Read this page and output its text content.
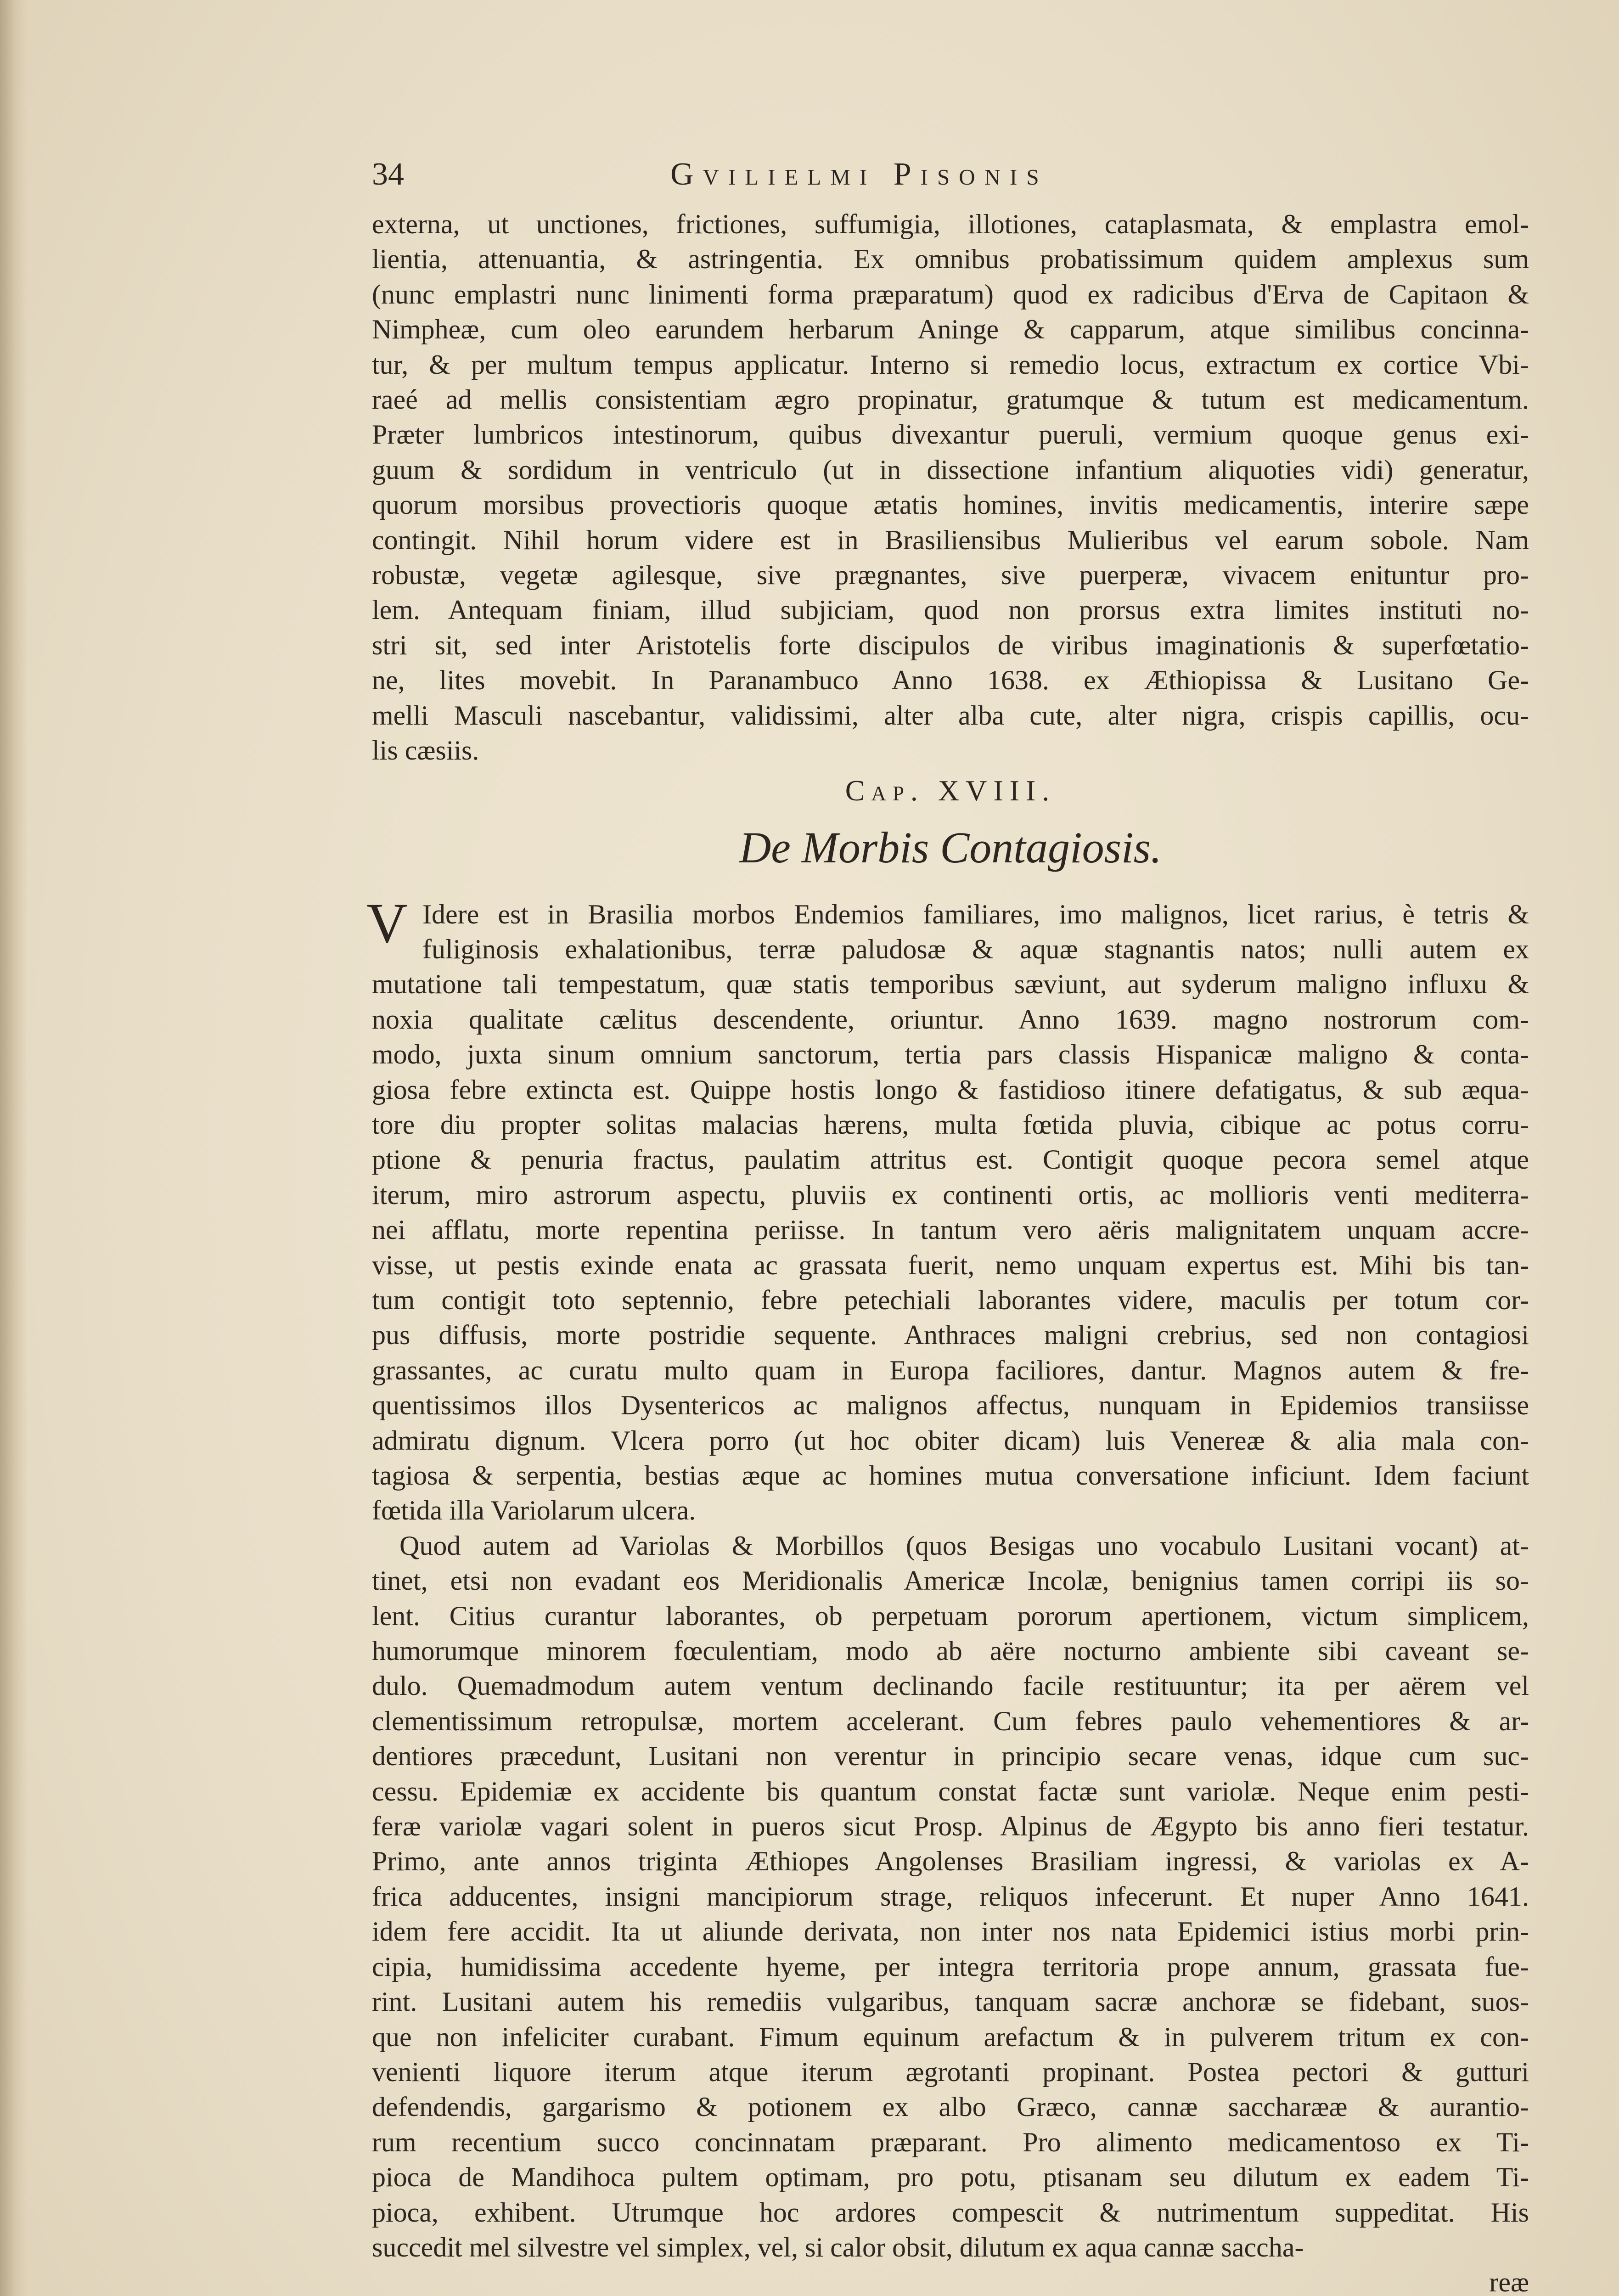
34	Gvilielmi Pisonis

externa, ut unctiones, frictiones, suffumigia, illotiones, cataplasmata, & emplastra emol-

lientia, attenuantia, & astringentia. Ex omnibus probatissimum quidem amplexus sum

(nunc emplastri nunc linimenti forma præparatum) quod ex radicibus d'Erva de Capitaon &

Nimpheæ, cum oleo earundem herbarum Aninge & capparum, atque similibus concinna-

tur, & per multum tempus applicatur. Interno si remedio locus, extractum ex cortice Vbi-

raeé ad mellis consistentiam ægro propinatur, gratumque & tutum est medicamentum.

Præter lumbricos intestinorum, quibus divexantur pueruli, vermium quoque genus exi-

guum & sordidum in ventriculo (ut in dissectione infantium aliquoties vidi) generatur,

quorum morsibus provectioris quoque ætatis homines, invitis medicamentis, interire sæpe

contingit. Nihil horum videre est in Brasiliensibus Mulieribus vel earum sobole. Nam

robustæ, vegetæ agilesque, sive prægnantes, sive puerperæ, vivacem enituntur pro-

lem. Antequam finiam, illud subjiciam, quod non prorsus extra limites instituti no-

stri sit, sed inter Aristotelis forte discipulos de viribus imaginationis & superfœtatio-

ne, lites movebit. In Paranambuco Anno 1638. ex Æthiopissa & Lusitano Ge-

melli Masculi nascebantur, validissimi, alter alba cute, alter nigra, crispis capillis, ocu-

lis cæsiis.

Cap. XVIII.
De Morbis Contagiosis.
V Idere est in Brasilia morbos Endemios familiares, imo malignos, licet rarius, è tetris &

fuliginosis exhalationibus, terræ paludosæ & aquæ stagnantis natos; nulli autem ex

mutatione tali tempestatum, quæ statis temporibus sæviunt, aut syderum maligno influxu &

noxia qualitate cælitus descendente, oriuntur. Anno 1639. magno nostrorum com-

modo, juxta sinum omnium sanctorum, tertia pars classis Hispanicæ maligno & conta-

giosa febre extincta est. Quippe hostis longo & fastidioso itinere defatigatus, & sub æqua-

tore diu propter solitas malacias hærens, multa fœtida pluvia, cibique ac potus corru-

ptione & penuria fractus, paulatim attritus est. Contigit quoque pecora semel atque

iterum, miro astrorum aspectu, pluviis ex continenti ortis, ac mollioris venti mediterra-

nei afflatu, morte repentina periisse. In tantum vero aëris malignitatem unquam accre-

visse, ut pestis exinde enata ac grassata fuerit, nemo unquam expertus est. Mihi bis tan-

tum contigit toto septennio, febre petechiali laborantes videre, maculis per totum cor-

pus diffusis, morte postridie sequente. Anthraces maligni crebrius, sed non contagiosi

grassantes, ac curatu multo quam in Europa faciliores, dantur. Magnos autem & fre-

quentissimos illos Dysentericos ac malignos affectus, nunquam in Epidemios transiisse

admiratu dignum. Vlcera porro (ut hoc obiter dicam) luis Venereæ & alia mala con-

tagiosa & serpentia, bestias æque ac homines mutua conversatione inficiunt. Idem faciunt

fœtida illa Variolarum ulcera.

Quod autem ad Variolas & Morbillos (quos Besigas uno vocabulo Lusitani vocant) at-

tinet, etsi non evadant eos Meridionalis Americæ Incolæ, benignius tamen corripi iis so-

lent. Citius curantur laborantes, ob perpetuam pororum apertionem, victum simplicem,

humorumque minorem fœculentiam, modo ab aëre nocturno ambiente sibi caveant se-

dulo. Quemadmodum autem ventum declinando facile restituuntur; ita per aërem vel

clementissimum retropulsæ, mortem accelerant. Cum febres paulo vehementiores & ar-

dentiores præcedunt, Lusitani non verentur in principio secare venas, idque cum suc-

cessu. Epidemiæ ex accidente bis quantum constat factæ sunt variolæ. Neque enim pesti-

feræ variolæ vagari solent in pueros sicut Prosp. Alpinus de Ægypto bis anno fieri testatur.

Primo, ante annos triginta Æthiopes Angolenses Brasiliam ingressi, & variolas ex A-

frica adducentes, insigni mancipiorum strage, reliquos infecerunt. Et nuper Anno 1641.

idem fere accidit. Ita ut aliunde derivata, non inter nos nata Epidemici istius morbi prin-

cipia, humidissima accedente hyeme, per integra territoria prope annum, grassata fue-

rint. Lusitani autem his remediis vulgaribus, tanquam sacræ anchoræ se fidebant, suos-

que non infeliciter curabant. Fimum equinum arefactum & in pulverem tritum ex con-

venienti liquore iterum atque iterum ægrotanti propinant. Postea pectori & gutturi

defendendis, gargarismo & potionem ex albo Græco, cannæ saccharææ & aurantio-

rum recentium succo concinnatam præparant. Pro alimento medicamentoso ex Ti-

pioca de Mandihoca pultem optimam, pro potu, ptisanam seu dilutum ex eadem Ti-

pioca, exhibent. Utrumque hoc ardores compescit & nutrimentum suppeditat. His

succedit mel silvestre vel simplex, vel, si calor obsit, dilutum ex aqua cannæ saccha-

reæ
